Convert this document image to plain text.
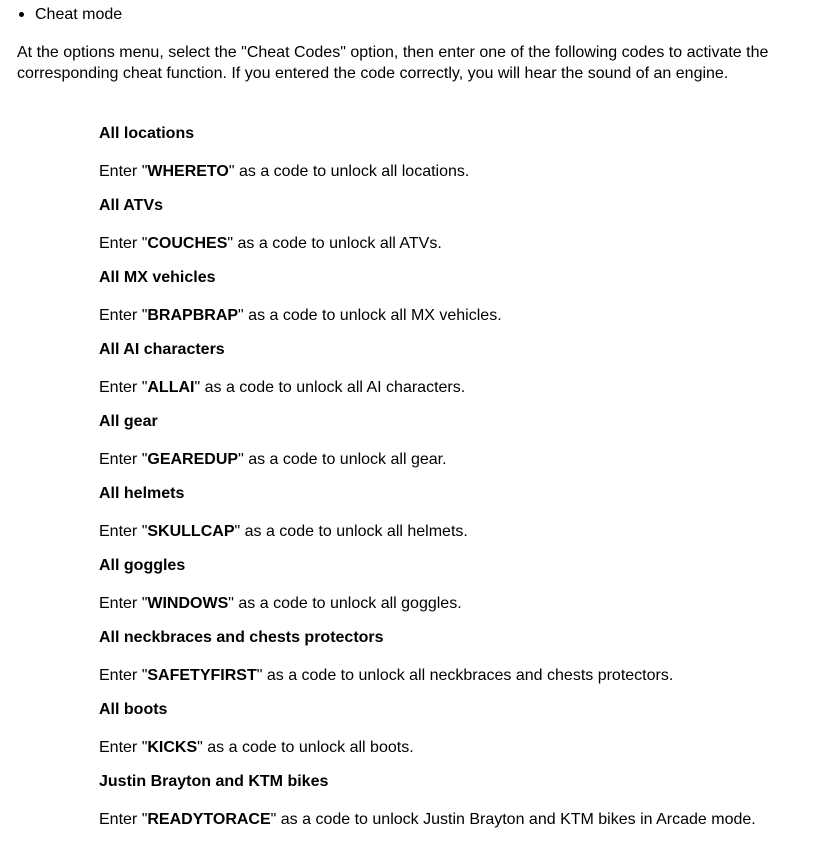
Cheat mode

At the options menu, select the "Cheat Codes" option, then enter one of the following codes to activate the corresponding cheat function. If you entered the code correctly, you will hear the sound of an engine.

All locations

Enter "WHERETO" as a code to unlock all locations.

All ATVs

Enter "COUCHES" as a code to unlock all ATVs.

All MX vehicles

Enter "BRAPBRAP" as a code to unlock all MX vehicles.

All AI characters

Enter "ALLAI" as a code to unlock all AI characters.

All gear

Enter "GEAREDUP" as a code to unlock all gear.

All helmets

Enter "SKULLCAP" as a code to unlock all helmets.

All goggles

Enter "WINDOWS" as a code to unlock all goggles.

All neckbraces and chests protectors

Enter "SAFETYFIRST" as a code to unlock all neckbraces and chests protectors.

All boots

Enter "KICKS" as a code to unlock all boots.

Justin Brayton and KTM bikes

Enter "READYTORACE" as a code to unlock Justin Brayton and KTM bikes in Arcade mode.
